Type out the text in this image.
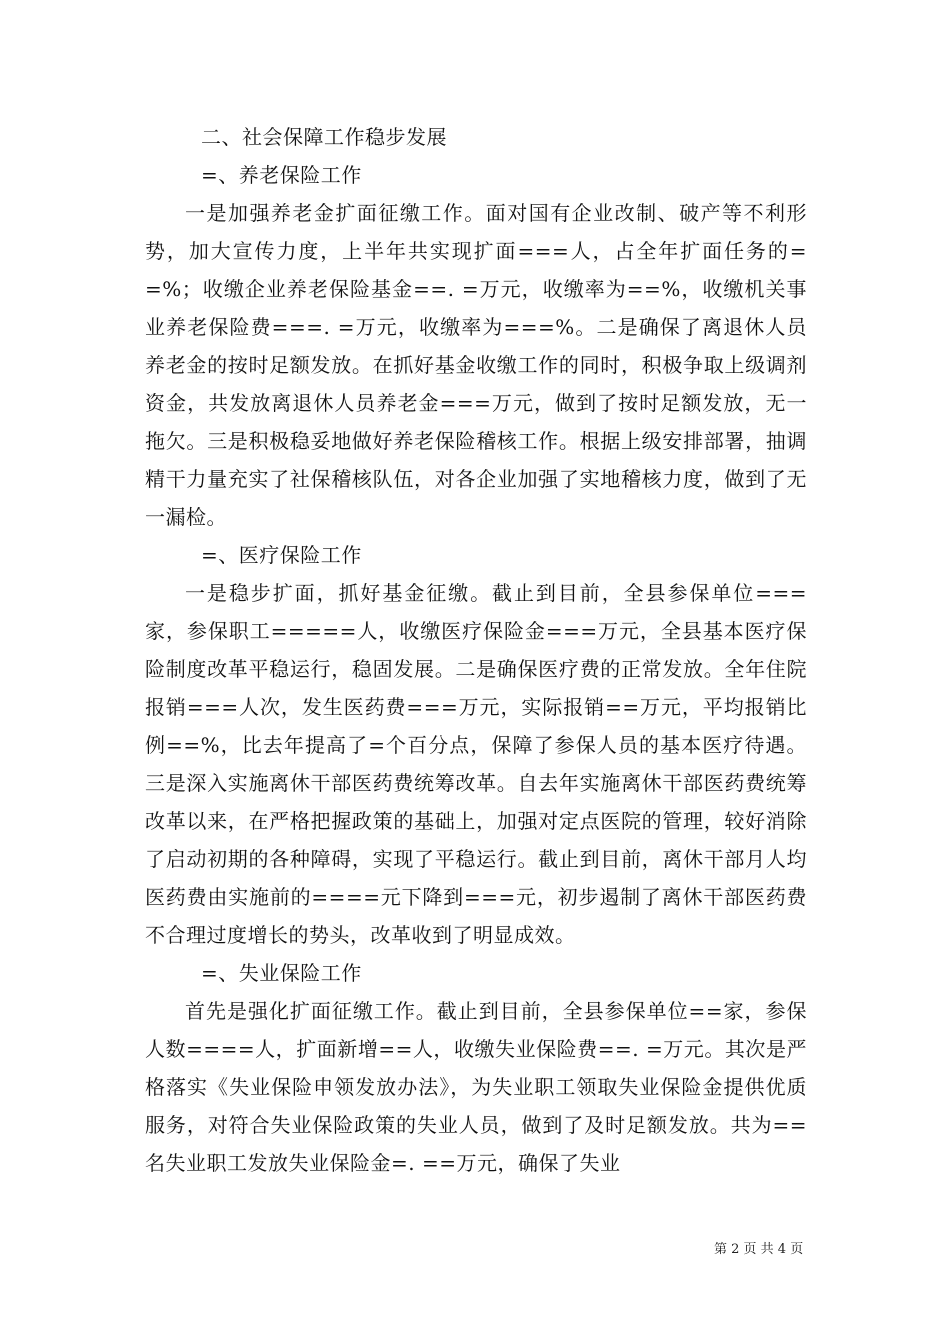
二、社会保障工作稳步发展

=、养老保险工作

一是加强养老金扩面征缴工作。面对国有企业改制、破产等不利形势，加大宣传力度，上半年共实现扩面===人，占全年扩面任务的==%；收缴企业养老保险基金==. =万元，收缴率为==%，收缴机关事业养老保险费===. =万元，收缴率为===%。二是确保了离退休人员养老金的按时足额发放。在抓好基金收缴工作的同时，积极争取上级调剂资金，共发放离退休人员养老金===万元，做到了按时足额发放，无一拖欠。三是积极稳妥地做好养老保险稽核工作。根据上级安排部署，抽调精干力量充实了社保稽核队伍，对各企业加强了实地稽核力度，做到了无一漏检。

=、医疗保险工作

一是稳步扩面，抓好基金征缴。截止到目前，全县参保单位===家，参保职工=====人，收缴医疗保险金===万元，全县基本医疗保险制度改革平稳运行，稳固发展。二是确保医疗费的正常发放。全年住院报销===人次，发生医药费===万元，实际报销==万元，平均报销比例==%，比去年提高了=个百分点，保障了参保人员的基本医疗待遇。三是深入实施离休干部医药费统筹改革。自去年实施离休干部医药费统筹改革以来，在严格把握政策的基础上，加强对定点医院的管理，较好消除了启动初期的各种障碍，实现了平稳运行。截止到目前，离休干部月人均医药费由实施前的====元下降到===元，初步遏制了离休干部医药费不合理过度增长的势头，改革收到了明显成效。

=、失业保险工作

首先是强化扩面征缴工作。截止到目前，全县参保单位==家，参保人数====人，扩面新增==人，收缴失业保险费==. =万元。其次是严格落实《失业保险申领发放办法》，为失业职工领取失业保险金提供优质服务，对符合失业保险政策的失业人员，做到了及时足额发放。共为==名失业职工发放失业保险金=. ==万元，确保了失业

第 2 页 共 4 页
